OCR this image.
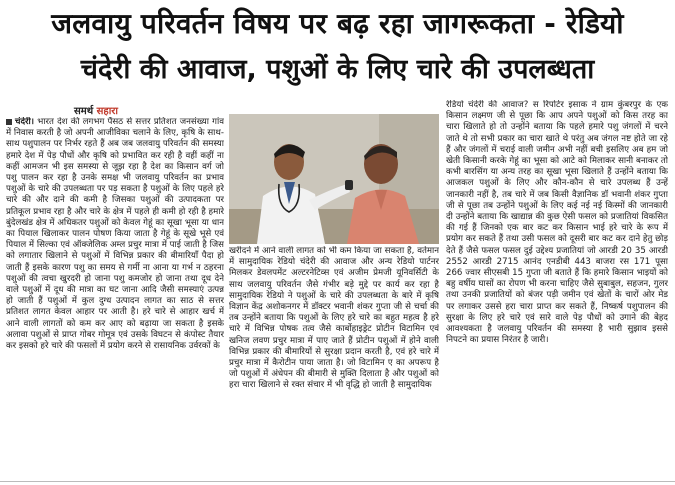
जलवायु परिवर्तन विषय पर बढ़ रहा जागरूकता - रेडियो
चंदेरी की आवाज, पशुओं के लिए चारे की उपलब्धता
समर्थ सहारा
चंदेरी। भारत देश की लगभग पैंसठ से सत्तर प्रतिशत जनसंख्या गांव में निवास करती है जो अपनी आजीविका चलाने के लिए, कृषि के साथ-साथ पशुपालन पर निर्भर रहते हैं अब जब जलवायु परिवर्तन की समस्या हमारे देश में पेड़ पौधों और कृषि को प्रभावित कर रही है वहीं कहीं ना कहीं आमजन भी इस समस्या से जूझ रहा है देश का किसान वर्ग जो पशु पालन कर रहा है उनके समक्ष भी जलवायु परिवर्तन का प्रभाव पशुओं के चारे की उपलब्धता पर पड़ सकता है पशुओं के लिए पहले हरे चारे की और दाने की कमी है जिसका पशुओं की उत्पादकता पर प्रतिकूल प्रभाव रहा है और चारे के क्षेत्र में पहले ही कमी हो रही है हमारे बुंदेलखंड क्षेत्र में अधिकतर पशुओं को केवल गेहूं का सूखा भूसा या धान का पियाल खिलाकर पालन पोषण किया जाता है गेहूं के सूखे भूसे एवं पियाल में सिल्का एवं ऑक्जेलिक अम्ल प्रचुर मात्रा में पाई जाती है जिस को लगातार खिलाने से पशुओं में विभिन्न प्रकार की बीमारियाँ पैदा हो जाती हैं इसके कारण पशु का समय से गर्मी ना आना या गर्भ न ठहरना पशुओं की त्वचा खुरदरी हो जाना पशु कमजोर हो जाना तथा दूध देने वाले पशुओं में दूध की मात्रा का घट जाना आदि जैसी समस्याएं उत्पन्न हो जाती हैं पशुओं में कुल दुग्ध उत्पादन लागत का साठ से सत्तर प्रतिशत लागत केवल आहार पर आती है। हरे चारे से आहार खर्च में आने वाली लागतों को कम कर आए को बढ़ाया जा सकता है इसके अलावा पशुओं से प्राप्त गोबर गोमूत्र एवं उसके विघटन से कंपोस्ट तैयार कर इसको हरे चारे की फसलों में प्रयोग करने से रासायनिक उर्वरकों के
खरीदने में आने वाली लागत को भी कम किया जा सकता है, वर्तमान में सामुदायिक रेडियो चंदेरी की आवाज और अन्य रेडियो पार्टनर मिलकर डेवलपमेंट अल्टरनेटिव्स एवं अजीम प्रेमजी यूनिवर्सिटी के साथ जलवायु परिवर्तन जैसे गंभीर बड़े मुद्दे पर कार्य कर रहा है सामुदायिक रेडियो ने पशुओं के चारे की उपलब्धता के बारे में कृषि विज्ञान केंद्र अशोकनगर में डॉक्टर भवानी शंकर गुप्ता जी से चर्चा की तब उन्होंने बताया कि पशुओं के लिए हरे चारे का बहुत महत्व है हरे चारे में विभिन्न पोषक तत्व जैसे कार्बोहाइड्रेट प्रोटीन विटामिन एवं खनिज लवण प्रचुर मात्रा में पाए जाते हैं प्रोटीन पशुओं में होने वाली विभिन्न प्रकार की बीमारियों से सुरक्षा प्रदान करती है, एवं हरे चारे में प्रचुर मात्रा में कैरोटीन पाया जाता है। जो विटामिन ए का अपरूप है जो पशुओं में अंधेपन की बीमारी से मुक्ति दिलाता है और पशुओं को हरा चारा खिलाने से रक्त संचार में भी वृद्धि हो जाती है सामुदायिक
रेडियो चंदेरी की आवाज? स रिपोर्टर इसाक ने ग्राम कुंबरपुर के एक किसान लक्ष्मण जी से पूछा कि आप अपने पशुओं को किस तरह का चारा खिलाते हो तो उन्होंने बताया कि पहले हमारे पशु जंगलों में चरने जाते थे तो सभी प्रकार का चारा खाते थे परंतु अब जंगल नष्ट होते जा रहे हैं और जंगलों में चराई वाली जमीन अभी नहीं बची इसलिए अब हम जो खेती किसानी करके गेहूं का भूसा को आटे को मिलाकर सानी बनाकर तो कभी बारसिंग या अन्य तरह का सूखा भूसा खिलाते हैं उन्होंने बताया कि आजकल पशुओं के लिए और कौन-कौन से चारे उपलब्ध हैं उन्हें जानकारी नहीं है, तब चारे में जब किसी वैज्ञानिक डॉ भवानी शंकर गुप्ता जी से पूछा तब उन्होंने पशुओं के लिए कई नई नई किस्मों की जानकारी दी उन्होंने बताया कि खाद्यान्न की कुछ ऐसी फसल को प्रजातियां विकसित की गई हैं जिनको एक बार कट कर किसान भाई हरे चारे के रूप में प्रयोग कर सकते हैं तथा उसी फसल को दूसरी बार कट कर दाने हेतु छोड़ देते हैं जैसे फसल फसल दुई उद्देश्य प्रजातियां जो आरडी 20 35 आरडी 2552 आरडी 2715 आनंद एनडीबी 443 बाजरा रस 171 पूसा 266 ज्वार सीएसबी 15 गुप्ता जी बताते हैं कि हमारे किसान भाइयों को बहु वर्षीय घासों का रोपण भी करना चाहिए जैसे सुबाबुल, सहजन, गुलर तथा उनकी प्रजातियों को बंजर पड़ी जमीन एवं खेतों के चारों ओर मेड पर लगाकर उससे हरा चारा प्राप्त कर सकते हैं, निष्कर्ष पशुपालन की सुरक्षा के लिए हरे चारे एवं सारे वाले पेड़ पौधों को उगाने की बेहद आवश्यकता है जलवायु परिवर्तन की समस्या है भारी सुझाव इससे निपटने का प्रयास निरंतर है जारी।
